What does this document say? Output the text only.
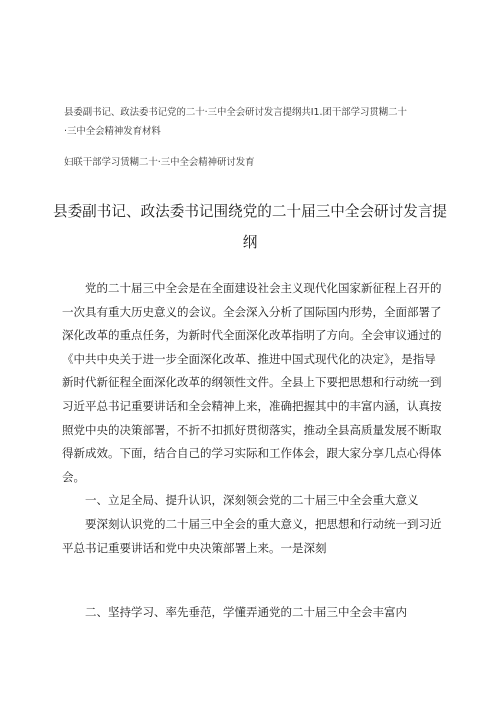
县委副书记、政法委书记党的二十·三中全会研讨发言提纲共I1.团干部学习贯糊二十
·三中全会精神发育材料
妇联干部学习赁糊二十·三中全会精神研讨发育
县委副书记、政法委书记围绕党的二十届三中全会研讨发言提纲

党的二十届三中全会是在全面建设社会主义现代化国家新征程上召开的一次具有重大历史意义的会议。全会深入分析了国际国内形势，全面部署了深化改革的重点任务，为新时代全面深化改革指明了方向。全会审议通过的《中共中央关于进一步全面深化改革、推进中国式现代化的决定》，是指导新时代新征程全面深化改革的纲领性文件。全县上下要把思想和行动统一到习近平总书记重要讲话和全会精神上来，准确把握其中的丰富内涵，认真按照党中央的决策部署，不折不扣抓好贯彻落实，推动全县高质量发展不断取得新成效。下面，结合自己的学习实际和工作体会，跟大家分享几点心得体会。

一、立足全局、提升认识，深刻领会党的二十届三中全会重大意义

要深刻认识党的二十届三中全会的重大意义，把思想和行动统一到习近平总书记重要讲话和党中央决策部署上来。一是深刻

二、坚持学习、率先垂范，学懂弄通党的二十届三中全会丰富内
